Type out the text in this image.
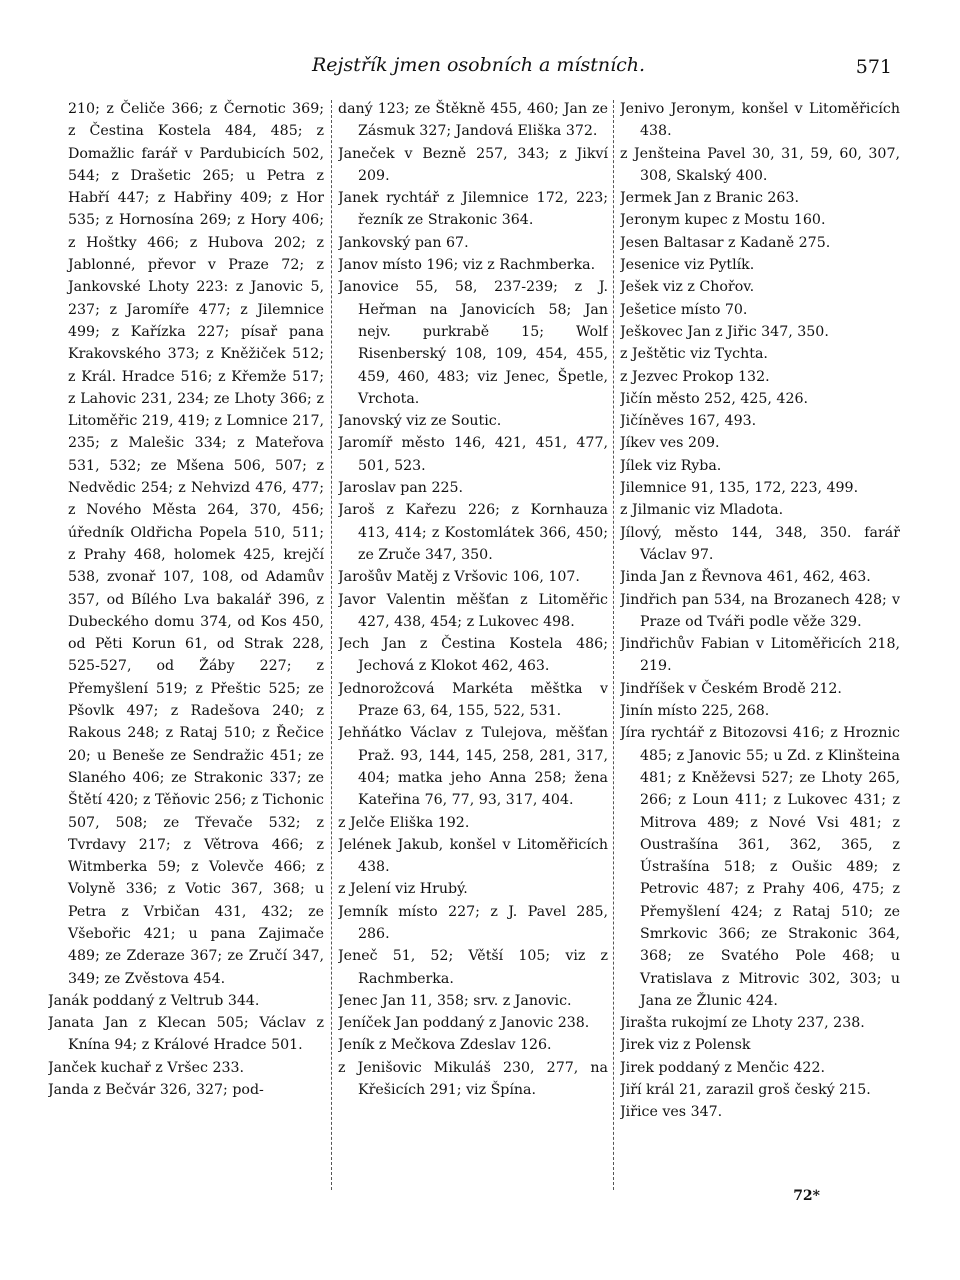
Rejstřík jmen osobních a místních.	571

210; z Čeliče 366; z Černotic 369; z Čestina Kostela 484, 485; z Domažlic farář v Pardubicích 502, 544; z Drašetic 265; u Petra z Habří 447; z Habřiny 409; z Hor 535; z Hornosína 269; z Hory 406; z Hoštky 466; z Hubova 202; z Jablonné, převor v Praze 72; z Jankovské Lhoty 223: z Janovic 5, 237; z Jaromíře 477; z Jilemnice 499; z Kařízka 227; písař pana Krakovského 373; z Kněžiček 512; z Král. Hradce 516; z Křemže 517; z Lahovic 231, 234; ze Lhoty 366; z Litoměřic 219, 419; z Lomnice 217, 235; z Malešic 334; z Mateřova 531, 532; ze Mšena 506, 507; z Nedvědic 254; z Nehvizd 476, 477; z Nového Města 264, 370, 456; úředník Oldřicha Popela 510, 511; z Prahy 468, holomek 425, krejčí 538, zvonař 107, 108, od Adamův 357, od Bílého Lva bakalář 396, z Dubeckého domu 374, od Kos 450, od Pěti Korun 61, od Strak 228, 525-527, od Žáby 227; z Přemyšlení 519; z Přeštic 525; ze Pšovlk 497; z Radešova 240; z Rakous 248; z Rataj 510; z Řečice 20; u Beneše ze Sendražic 451; ze Slaného 406; ze Strakonic 337; ze Štětí 420; z Těňovic 256; z Tichonic 507, 508; ze Třevače 532; z Tvrdavy 217; z Větrova 466; z Witmberka 59; z Volevče 466; z Volyně 336; z Votic 367, 368; u Petra z Vrbičan 431, 432; ze Všebořic 421; u pana Zajimače 489; ze Zderaze 367; ze Zručí 347, 349; ze Zvěstova 454.

Janák poddaný z Veltrub 344.

Janata Jan z Klecan 505; Václav z Knína 94; z Králové Hradce 501.

Janček kuchař z Vršec 233.

Janda z Bečvár 326, 327; pod-

daný 123; ze Štěkně 455, 460; Jan ze Zásmuk 327; Jandová Eliška 372.

Janeček v Bezně 257, 343; z Jikví 209.

Janek rychtář z Jilemnice 172, 223; řezník ze Strakonic 364.

Jankovský pan 67.

Janov místo 196; viz z Rachmberka.

Janovice 55, 58, 237-239; z J. Heřman na Janovicích 58; Jan nejv. purkrabě 15; Wolf Risenberský 108, 109, 454, 455, 459, 460, 483; viz Jenec, Špetle, Vrchota.

Janovský viz ze Soutic.

Jaromíř město 146, 421, 451, 477, 501, 523.

Jaroslav pan 225.

Jaroš z Kařezu 226; z Kornhauza 413, 414; z Kostomlátek 366, 450; ze Zruče 347, 350.

Jarošův Matěj z Vršovic 106, 107.

Javor Valentin měšťan z Litoměřic 427, 438, 454; z Lukovec 498.

Jech Jan z Čestina Kostela 486; Jechová z Klokot 462, 463.

Jednorožcová Markéta měštka v Praze 63, 64, 155, 522, 531.

Jehňátko Václav z Tulejova, měšťan Praž. 93, 144, 145, 258, 281, 317, 404; matka jeho Anna 258; žena Kateřina 76, 77, 93, 317, 404.

z Jelče Eliška 192.

Jelének Jakub, konšel v Litoměřicích 438.

z Jelení viz Hrubý.

Jemník místo 227; z J. Pavel 285, 286.

Jeneč 51, 52; Větší 105; viz z Rachmberka.

Jenec Jan 11, 358; srv. z Janovic.

Jeníček Jan poddaný z Janovic 238.

Jeník z Mečkova Zdeslav 126.

z Jenišovic Mikuláš 230, 277, na Křešicích 291; viz Špína.

Jenivo Jeronym, konšel v Litoměřicích 438.

z Jenšteina Pavel 30, 31, 59, 60, 307, 308, Skalský 400.

Jermek Jan z Branic 263.

Jeronym kupec z Mostu 160.

Jesen Baltasar z Kadaně 275.

Jesenice viz Pytlík.

Ješek viz z Chořov.

Ješetice místo 70.

Ješkovec Jan z Jiřic 347, 350.

z Ještětic viz Tychta.

z Jezvec Prokop 132.

Jičín město 252, 425, 426.

Jičíněves 167, 493.

Jíkev ves 209.

Jílek viz Ryba.

Jilemnice 91, 135, 172, 223, 499.

z Jilmanic viz Mladota.

Jílový, město 144, 348, 350. farář Václav 97.

Jinda Jan z Řevnova 461, 462, 463.

Jindřich pan 534, na Brozanech 428; v Praze od Tváři podle věže 329.

Jindřichův Fabian v Litoměřicích 218, 219.

Jindříšek v Českém Brodě 212.

Jinín místo 225, 268.

Jíra rychtář z Bitozovsi 416; z Hroznic 485; z Janovic 55; u Zd. z Klinšteina 481; z Kněževsi 527; ze Lhoty 265, 266; z Loun 411; z Lukovec 431; z Mitrova 489; z Nové Vsi 481; z Oustrašína 361, 362, 365, z Ústrašína 518; z Oušic 489; z Petrovic 487; z Prahy 406, 475; z Přemyšlení 424; z Rataj 510; ze Smrkovic 366; ze Strakonic 364, 368; ze Svatého Pole 468; u Vratislava z Mitrovic 302, 303; u Jana ze Žlunic 424.

Jirašta rukojmí ze Lhoty 237, 238.

Jirek viz z Polensk

Jirek poddaný z Menčic 422.

Jiří král 21, zarazil groš český 215.

Jiřice ves 347.

72*
